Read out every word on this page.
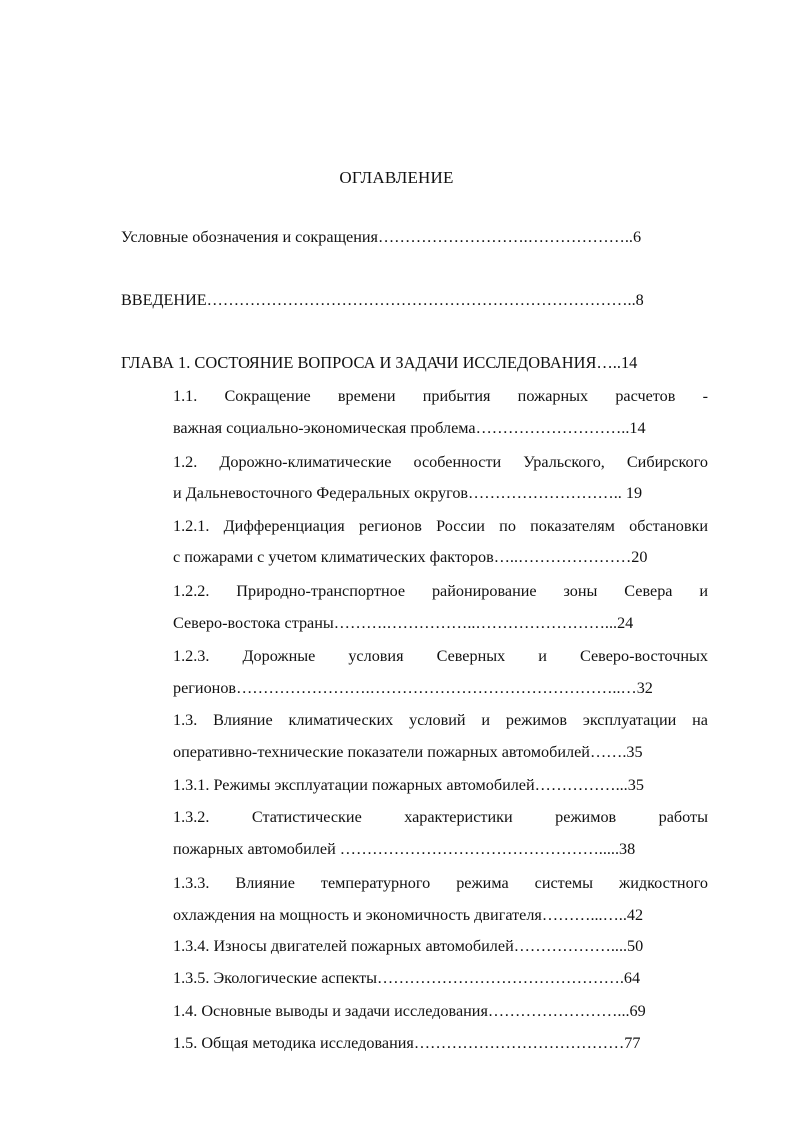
ОГЛАВЛЕНИЕ
Условные обозначения и сокращения……………………….………………..6
ВВЕДЕНИЕ……………………………………………………………………..8
ГЛАВА 1. СОСТОЯНИЕ ВОПРОСА И ЗАДАЧИ ИССЛЕДОВАНИЯ…..14
1.1. Сокращение времени прибытия пожарных расчетов -
важная социально-экономическая проблема………………………..14
1.2. Дорожно-климатические особенности Уральского, Сибирского
и Дальневосточного Федеральных округов……………………….. 19
1.2.1. Дифференциация регионов России по показателям обстановки
с пожарами с учетом климатических факторов…..…………………20
1.2.2. Природно-транспортное районирование зоны Севера и
Северо-востока страны……….……………..……………………...24
1.2.3. Дорожные условия Северных и Северо-восточных
регионов…………………….………………………………………..…32
1.3. Влияние климатических условий и режимов эксплуатации на
оперативно-технические показатели пожарных автомобилей…….35
1.3.1. Режимы эксплуатации пожарных автомобилей……………...35
1.3.2. Статистические характеристики режимов работы
пожарных автомобилей ………………………………………….....38
1.3.3. Влияние температурного режима системы жидкостного
охлаждения на мощность и экономичность двигателя………...…..42
1.3.4. Износы двигателей пожарных автомобилей………………....50
1.3.5. Экологические аспекты……………………………………….64
1.4. Основные выводы и задачи исследования……………………...69
1.5. Общая методика исследования…………………………………77
